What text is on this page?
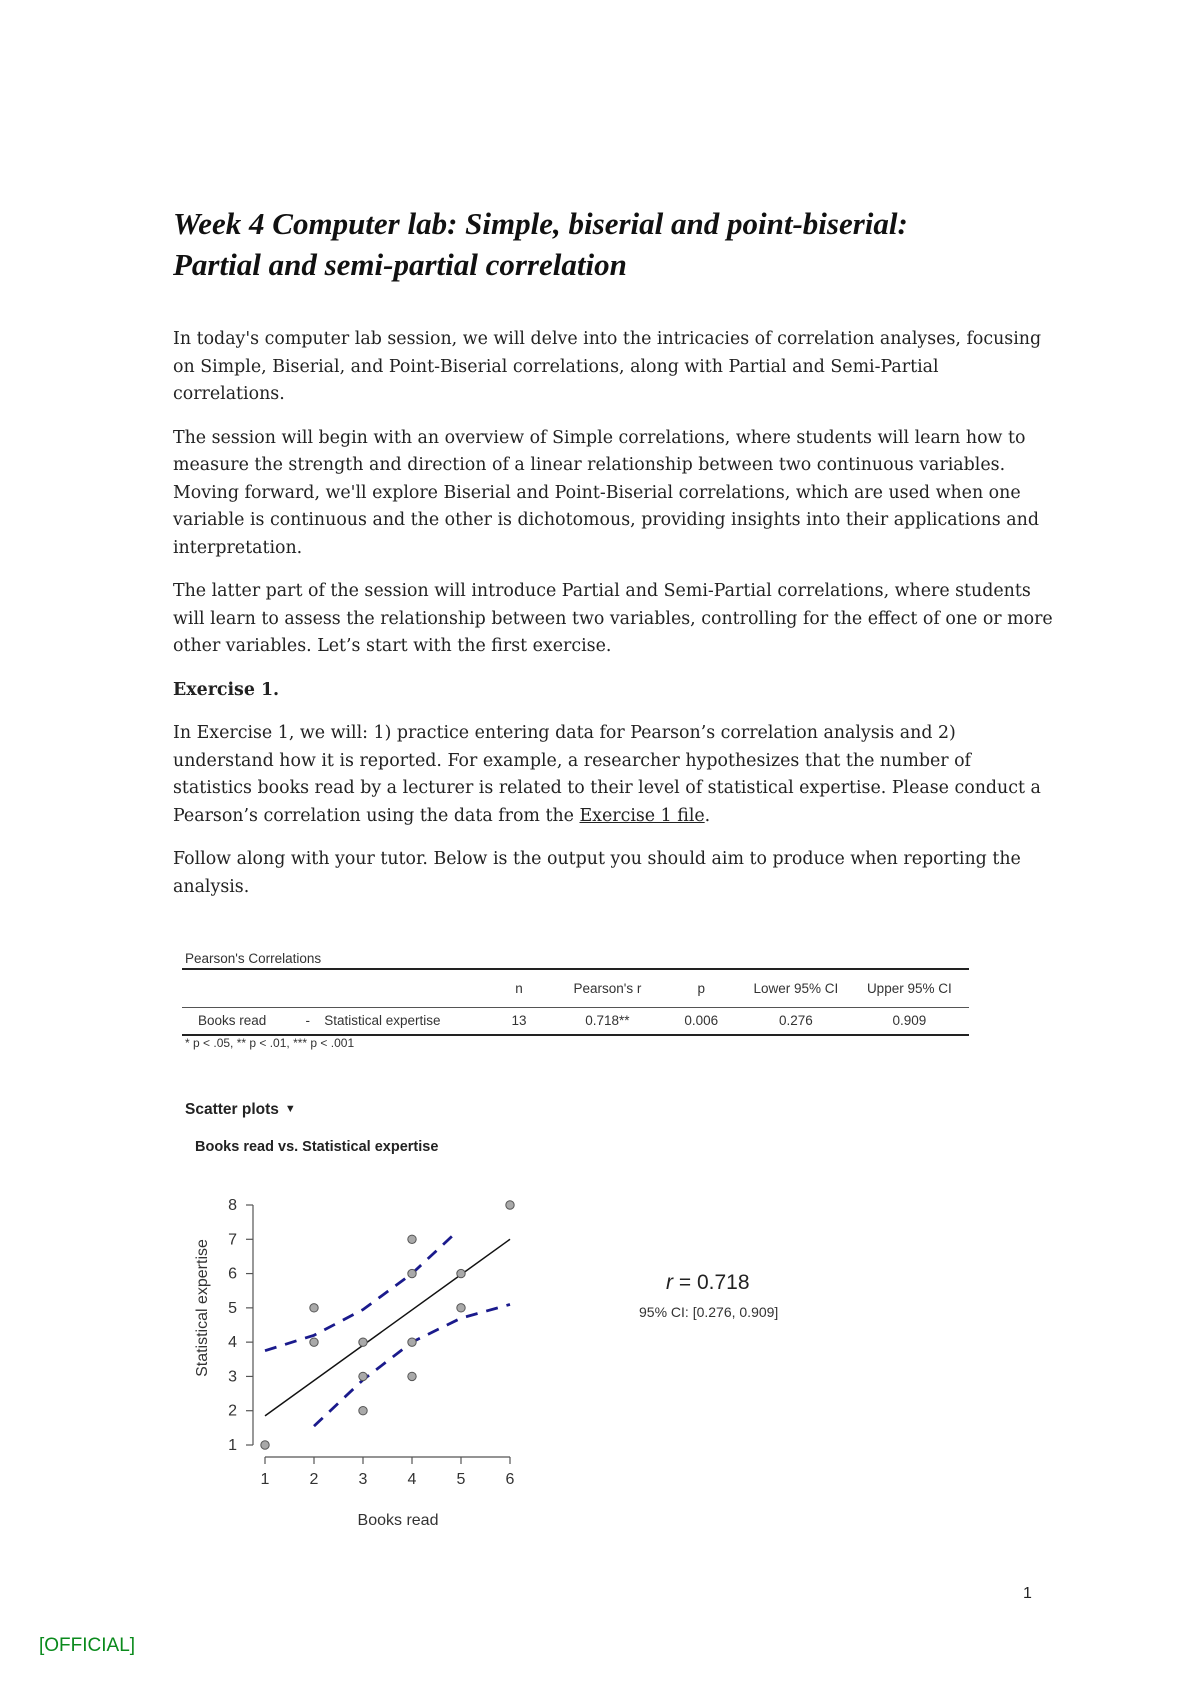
Week 4 Computer lab: Simple, biserial and point-biserial:
Partial and semi-partial correlation

In today's computer lab session, we will delve into the intricacies of correlation analyses, focusing on Simple, Biserial, and Point-Biserial correlations, along with Partial and Semi-Partial correlations.

The session will begin with an overview of Simple correlations, where students will learn how to measure the strength and direction of a linear relationship between two continuous variables. Moving forward, we'll explore Biserial and Point-Biserial correlations, which are used when one variable is continuous and the other is dichotomous, providing insights into their applications and interpretation.

The latter part of the session will introduce Partial and Semi-Partial correlations, where students will learn to assess the relationship between two variables, controlling for the effect of one or more other variables. Let’s start with the first exercise.

Exercise 1.

In Exercise 1, we will: 1) practice entering data for Pearson’s correlation analysis and 2) understand how it is reported. For example, a researcher hypothesizes that the number of statistics books read by a lecturer is related to their level of statistical expertise. Please conduct a Pearson’s correlation using the data from the Exercise 1 file.

Follow along with your tutor. Below is the output you should aim to produce when reporting the analysis.

Pearson's Correlations
			n	Pearson's r	p	Lower 95% CI	Upper 95% CI
Books read	-	Statistical expertise	13	0.718**	0.006	0.276	0.909
* p < .05, ** p < .01, *** p < .001
Scatter plots ▼
Books read vs. Statistical expertise
1
2
3
4
5
6
7
8
1	2	3	4	5	6
Books read
Statistical expertise	r = 0.718
95% CI: [0.276, 0.909]
1
[OFFICIAL]
